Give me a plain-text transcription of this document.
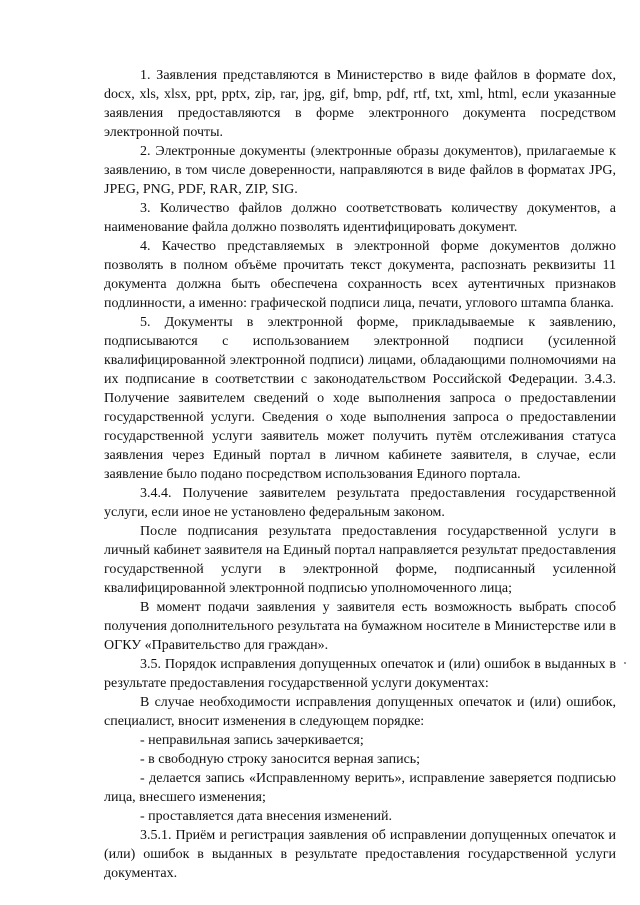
1. Заявления представляются в Министерство в виде файлов в формате dox, docx, xls, xlsx, ppt, pptx, zip, rar, jpg, gif, bmp, pdf, rtf, txt, xml, html, если указанные заявления предоставляются в форме электронного документа посредством электронной почты.

2. Электронные документы (электронные образы документов), прилагаемые к заявлению, в том числе доверенности, направляются в виде файлов в форматах JPG, JPEG, PNG, PDF, RAR, ZIP, SIG.

3. Количество файлов должно соответствовать количеству документов, а наименование файла должно позволять идентифицировать документ.

4. Качество представляемых в электронной форме документов должно позволять в полном объёме прочитать текст документа, распознать реквизиты 11 документа должна быть обеспечена сохранность всех аутентичных признаков подлинности, а именно: графической подписи лица, печати, углового штампа бланка.

5. Документы в электронной форме, прикладываемые к заявлению, подписываются с использованием электронной подписи (усиленной квалифицированной электронной подписи) лицами, обладающими полномочиями на их подписание в соответствии с законодательством Российской Федерации. 3.4.3. Получение заявителем сведений о ходе выполнения запроса о предоставлении государственной услуги. Сведения о ходе выполнения запроса о предоставлении государственной услуги заявитель может получить путём отслеживания статуса заявления через Единый портал в личном кабинете заявителя, в случае, если заявление было подано посредством использования Единого портала.

3.4.4. Получение заявителем результата предоставления государственной услуги, если иное не установлено федеральным законом.

После подписания результата предоставления государственной услуги в личный кабинет заявителя на Единый портал направляется результат предоставления государственной услуги в электронной форме, подписанный усиленной квалифицированной электронной подписью уполномоченного лица;

В момент подачи заявления у заявителя есть возможность выбрать способ получения дополнительного результата на бумажном носителе в Министерстве или в ОГКУ «Правительство для граждан».

3.5. Порядок исправления допущенных опечаток и (или) ошибок в выданных в результате предоставления государственной услуги документах:

В случае необходимости исправления допущенных опечаток и (или) ошибок, специалист, вносит изменения в следующем порядке:

- неправильная запись зачеркивается;

- в свободную строку заносится верная запись;

- делается запись «Исправленному верить», исправление заверяется подписью лица, внесшего изменения;

- проставляется дата внесения изменений.

3.5.1. Приём и регистрация заявления об исправлении допущенных опечаток и (или) ошибок в выданных в результате предоставления государственной услуги документах.
